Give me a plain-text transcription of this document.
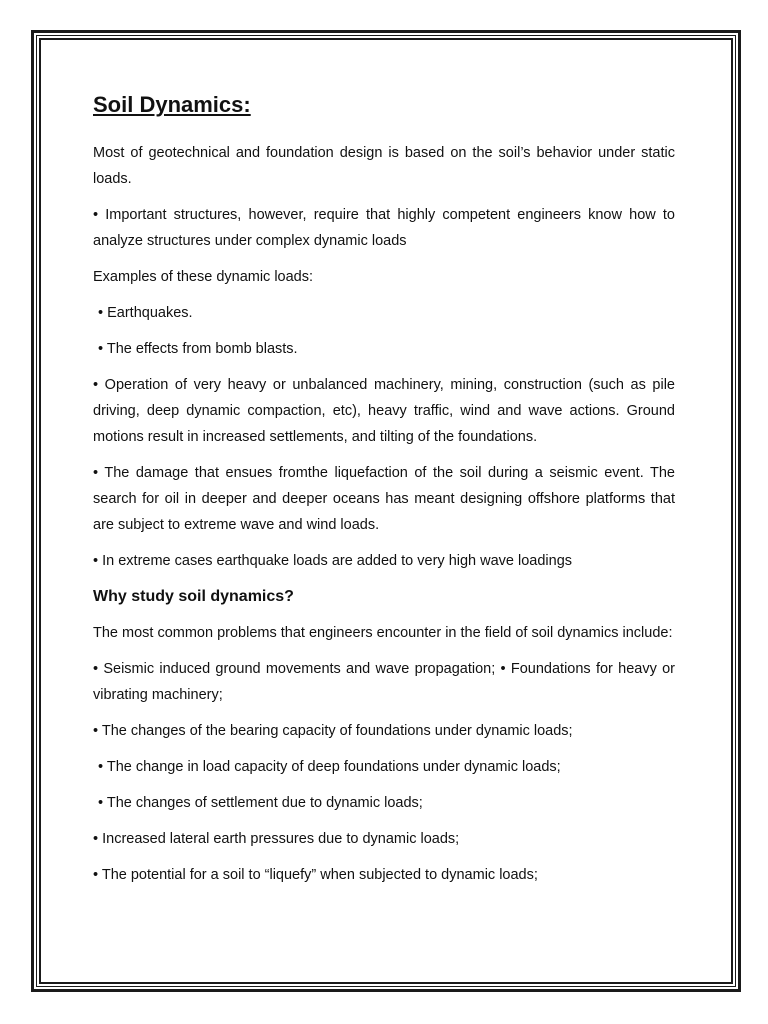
Soil Dynamics:

Most of geotechnical and foundation design is based on the soil’s behavior under static loads.

• Important structures, however, require that highly competent engineers know how to analyze structures under complex dynamic loads

Examples of these dynamic loads:

• Earthquakes.

• The effects from bomb blasts.

• Operation of very heavy or unbalanced machinery, mining, construction (such as pile driving, deep dynamic compaction, etc), heavy traffic, wind and wave actions. Ground motions result in increased settlements, and tilting of the foundations.

• The damage that ensues fromthe liquefaction of the soil during a seismic event. The search for oil in deeper and deeper oceans has meant designing offshore platforms that are subject to extreme wave and wind loads.

• In extreme cases earthquake loads are added to very high wave loadings

Why study soil dynamics?

The most common problems that engineers encounter in the field of soil dynamics include:

• Seismic induced ground movements and wave propagation; • Foundations for heavy or vibrating machinery;

• The changes of the bearing capacity of foundations under dynamic loads;

• The change in load capacity of deep foundations under dynamic loads;

• The changes of settlement due to dynamic loads;

• Increased lateral earth pressures due to dynamic loads;

• The potential for a soil to “liquefy” when subjected to dynamic loads;
